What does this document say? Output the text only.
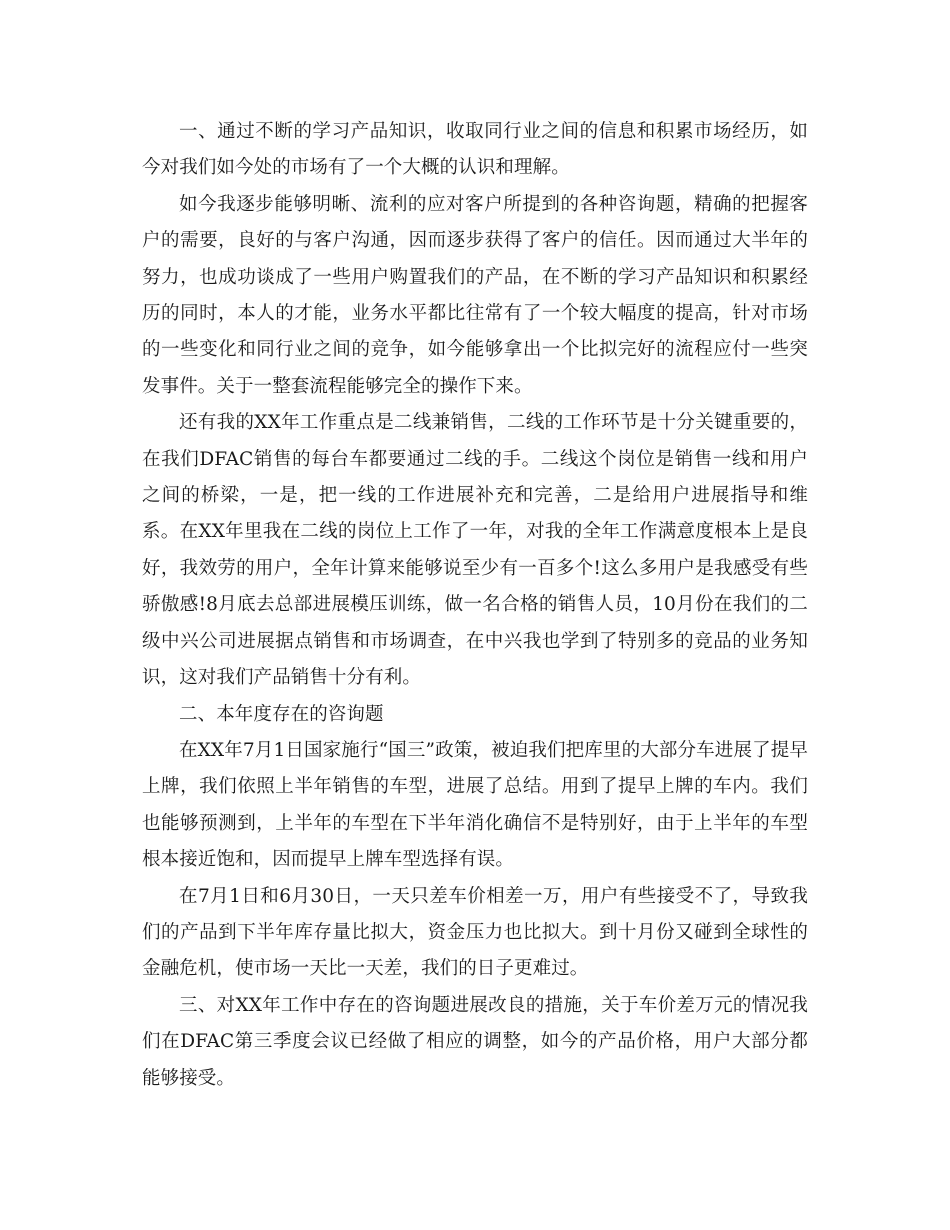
一、通过不断的学习产品知识，收取同行业之间的信息和积累市场经历，如今对我们如今处的市场有了一个大概的认识和理解。

如今我逐步能够明晰、流利的应对客户所提到的各种咨询题，精确的把握客户的需要，良好的与客户沟通，因而逐步获得了客户的信任。因而通过大半年的努力，也成功谈成了一些用户购置我们的产品，在不断的学习产品知识和积累经历的同时，本人的才能，业务水平都比往常有了一个较大幅度的提高，针对市场的一些变化和同行业之间的竞争，如今能够拿出一个比拟完好的流程应付一些突发事件。关于一整套流程能够完全的操作下来。

还有我的XX年工作重点是二线兼销售，二线的工作环节是十分关键重要的，在我们DFAC销售的每台车都要通过二线的手。二线这个岗位是销售一线和用户之间的桥梁，一是，把一线的工作进展补充和完善，二是给用户进展指导和维系。在XX年里我在二线的岗位上工作了一年，对我的全年工作满意度根本上是良好，我效劳的用户，全年计算来能够说至少有一百多个!这么多用户是我感受有些骄傲感!8月底去总部进展模压训练，做一名合格的销售人员，10月份在我们的二级中兴公司进展据点销售和市场调查，在中兴我也学到了特别多的竞品的业务知识，这对我们产品销售十分有利。

二、本年度存在的咨询题

在XX年7月1日国家施行“国三”政策，被迫我们把库里的大部分车进展了提早上牌，我们依照上半年销售的车型，进展了总结。用到了提早上牌的车内。我们也能够预测到，上半年的车型在下半年消化确信不是特别好，由于上半年的车型根本接近饱和，因而提早上牌车型选择有误。

在7月1日和6月30日，一天只差车价相差一万，用户有些接受不了，导致我们的产品到下半年库存量比拟大，资金压力也比拟大。到十月份又碰到全球性的金融危机，使市场一天比一天差，我们的日子更难过。

三、对XX年工作中存在的咨询题进展改良的措施，关于车价差万元的情况我们在DFAC第三季度会议已经做了相应的调整，如今的产品价格，用户大部分都能够接受。
